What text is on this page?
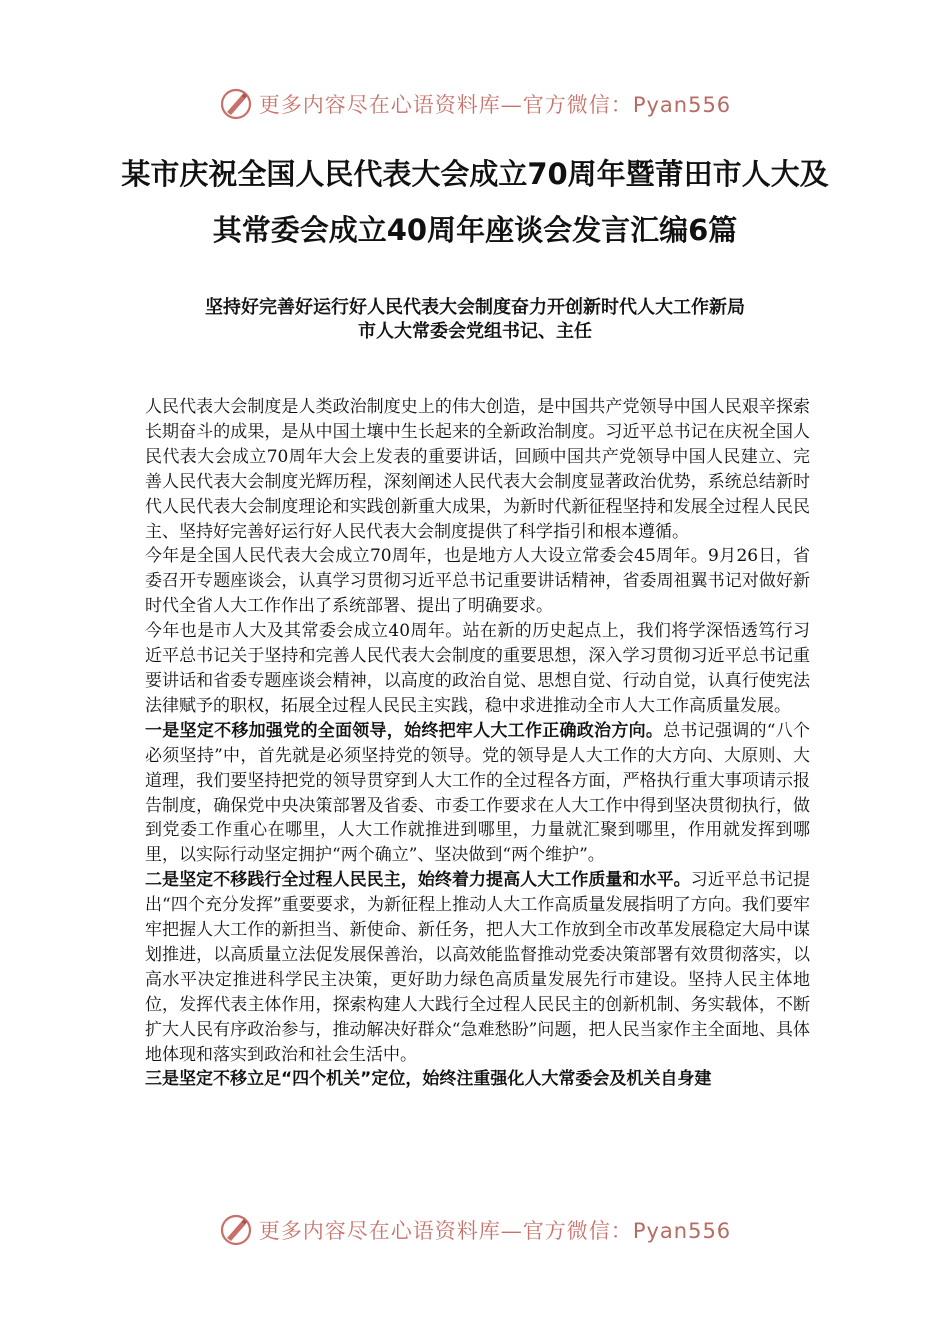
更多内容尽在心语资料库—官方微信：Pyan556
某市庆祝全国人民代表大会成立70周年暨莆田市人大及其常委会成立40周年座谈会发言汇编6篇
坚持好完善好运行好人民代表大会制度奋力开创新时代人大工作新局
市人大常委会党组书记、主任

人民代表大会制度是人类政治制度史上的伟大创造，是中国共产党领导中国人民艰辛探索长期奋斗的成果，是从中国土壤中生长起来的全新政治制度。习近平总书记在庆祝全国人民代表大会成立70周年大会上发表的重要讲话，回顾中国共产党领导中国人民建立、完善人民代表大会制度光辉历程，深刻阐述人民代表大会制度显著政治优势，系统总结新时代人民代表大会制度理论和实践创新重大成果，为新时代新征程坚持和发展全过程人民民主、坚持好完善好运行好人民代表大会制度提供了科学指引和根本遵循。

今年是全国人民代表大会成立70周年，也是地方人大设立常委会45周年。9月26日，省委召开专题座谈会，认真学习贯彻习近平总书记重要讲话精神，省委周祖翼书记对做好新时代全省人大工作作出了系统部署、提出了明确要求。

今年也是市人大及其常委会成立40周年。站在新的历史起点上，我们将学深悟透笃行习近平总书记关于坚持和完善人民代表大会制度的重要思想，深入学习贯彻习近平总书记重要讲话和省委专题座谈会精神，以高度的政治自觉、思想自觉、行动自觉，认真行使宪法法律赋予的职权，拓展全过程人民民主实践，稳中求进推动全市人大工作高质量发展。

一是坚定不移加强党的全面领导，始终把牢人大工作正确政治方向。总书记强调的“八个必须坚持”中，首先就是必须坚持党的领导。党的领导是人大工作的大方向、大原则、大道理，我们要坚持把党的领导贯穿到人大工作的全过程各方面，严格执行重大事项请示报告制度，确保党中央决策部署及省委、市委工作要求在人大工作中得到坚决贯彻执行，做到党委工作重心在哪里，人大工作就推进到哪里，力量就汇聚到哪里，作用就发挥到哪里，以实际行动坚定拥护“两个确立”、坚决做到“两个维护”。

二是坚定不移践行全过程人民民主，始终着力提高人大工作质量和水平。习近平总书记提出“四个充分发挥”重要要求，为新征程上推动人大工作高质量发展指明了方向。我们要牢牢把握人大工作的新担当、新使命、新任务，把人大工作放到全市改革发展稳定大局中谋划推进，以高质量立法促发展保善治，以高效能监督推动党委决策部署有效贯彻落实，以高水平决定推进科学民主决策，更好助力绿色高质量发展先行市建设。坚持人民主体地位，发挥代表主体作用，探索构建人大践行全过程人民民主的创新机制、务实载体，不断扩大人民有序政治参与，推动解决好群众“急难愁盼”问题，把人民当家作主全面地、具体地体现和落实到政治和社会生活中。

三是坚定不移立足“四个机关”定位，始终注重强化人大常委会及机关自身建

更多内容尽在心语资料库—官方微信：Pyan556
